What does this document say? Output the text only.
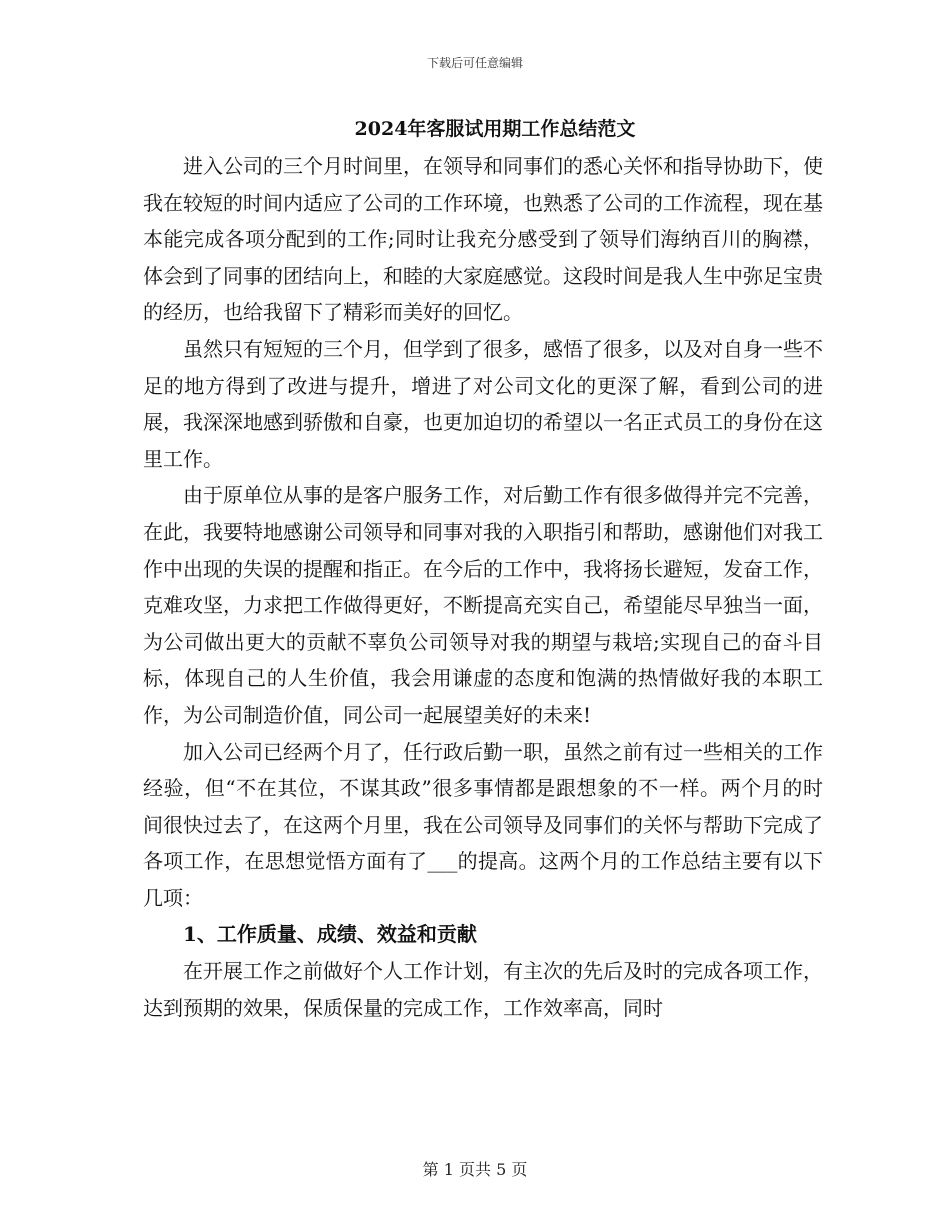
下载后可任意编辑
2024年客服试用期工作总结范文

进入公司的三个月时间里，在领导和同事们的悉心关怀和指导协助下，使我在较短的时间内适应了公司的工作环境，也熟悉了公司的工作流程，现在基本能完成各项分配到的工作;同时让我充分感受到了领导们海纳百川的胸襟，体会到了同事的团结向上，和睦的大家庭感觉。这段时间是我人生中弥足宝贵的经历，也给我留下了精彩而美好的回忆。

虽然只有短短的三个月，但学到了很多，感悟了很多，以及对自身一些不足的地方得到了改进与提升，增进了对公司文化的更深了解，看到公司的进展，我深深地感到骄傲和自豪，也更加迫切的希望以一名正式员工的身份在这里工作。

由于原单位从事的是客户服务工作，对后勤工作有很多做得并完不完善，在此，我要特地感谢公司领导和同事对我的入职指引和帮助，感谢他们对我工作中出现的失误的提醒和指正。在今后的工作中，我将扬长避短，发奋工作，克难攻坚，力求把工作做得更好，不断提高充实自己，希望能尽早独当一面，为公司做出更大的贡献不辜负公司领导对我的期望与栽培;实现自己的奋斗目标，体现自己的人生价值，我会用谦虚的态度和饱满的热情做好我的本职工作，为公司制造价值，同公司一起展望美好的未来!

加入公司已经两个月了，任行政后勤一职，虽然之前有过一些相关的工作经验，但“不在其位，不谋其政”很多事情都是跟想象的不一样。两个月的时间很快过去了，在这两个月里，我在公司领导及同事们的关怀与帮助下完成了各项工作，在思想觉悟方面有了___的提高。这两个月的工作总结主要有以下几项：

1、工作质量、成绩、效益和贡献

在开展工作之前做好个人工作计划，有主次的先后及时的完成各项工作，达到预期的效果，保质保量的完成工作，工作效率高，同时

第 1 页共 5 页
